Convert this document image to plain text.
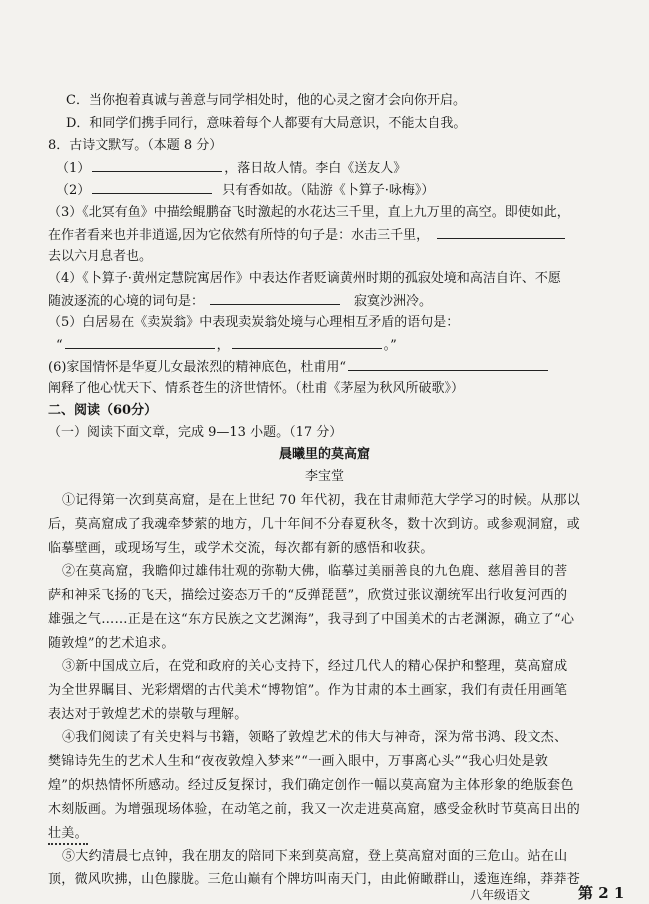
C．当你抱着真诚与善意与同学相处时，他的心灵之窗才会向你开启。
D．和同学们携手同行，意味着每个人都要有大局意识，不能太自我。
8．古诗文默写。（本题 8 分）
（1）	，落日故人情。李白《送友人》
（2）	只有香如故。（陆游《卜算子·咏梅》）
（3）《北冥有鱼》中描绘鲲鹏奋飞时激起的水花达三千里，直上九万里的高空。即使如此，
在作者看来也并非逍遥,因为它依然有所恃的句子是：水击三千里，
去以六月息者也。
（4）《卜算子·黄州定慧院寓居作》中表达作者贬谪黄州时期的孤寂处境和高洁自许、不愿
随波逐流的心境的词句是：	寂寞沙洲冷。
（5）白居易在《卖炭翁》中表现卖炭翁处境与心理相互矛盾的语句是：
“	，	。”
(6)家国情怀是华夏儿女最浓烈的精神底色，杜甫用“
阐释了他心忧天下、情系苍生的济世情怀。（杜甫《茅屋为秋风所破歌》）
二、阅读（60分）
（一）阅读下面文章，完成 9—13 小题。（17 分）
晨曦里的莫高窟
李宝堂
①记得第一次到莫高窟，是在上世纪 70 年代初，我在甘肃师范大学学习的时候。从那以
后，莫高窟成了我魂牵梦萦的地方，几十年间不分春夏秋冬，数十次到访。或参观洞窟，或
临摹壁画，或现场写生，或学术交流，每次都有新的感悟和收获。
②在莫高窟，我瞻仰过雄伟壮观的弥勒大佛，临摹过美丽善良的九色鹿、慈眉善目的菩
萨和神采飞扬的飞天，描绘过姿态万千的“反弹琵琶”，欣赏过张议潮统军出行收复河西的
雄强之气……正是在这“东方民族之文艺渊海”，我寻到了中国美术的古老渊源，确立了“心
随敦煌”的艺术追求。
③新中国成立后，在党和政府的关心支持下，经过几代人的精心保护和整理，莫高窟成
为全世界瞩目、光彩熠熠的古代美术“博物馆”。作为甘肃的本土画家，我们有责任用画笔
表达对于敦煌艺术的崇敬与理解。
④我们阅读了有关史料与书籍，领略了敦煌艺术的伟大与神奇，深为常书鸿、段文杰、
樊锦诗先生的艺术人生和“夜夜敦煌入梦来”“一画入眼中，万事离心头”“我心归处是敦
煌”的炽热情怀所感动。经过反复探讨，我们确定创作一幅以莫高窟为主体形象的绝版套色
木刻版画。为增强现场体验，在动笔之前，我又一次走进莫高窟，感受金秋时节莫高日出的
壮美。
⑤大约清晨七点钟，我在朋友的陪同下来到莫高窟，登上莫高窟对面的三危山。站在山
顶，微风吹拂，山色朦胧。三危山巅有个牌坊叫南天门，由此俯瞰群山，逶迤连绵，莽莽苍
八年级语文	第 2 1
